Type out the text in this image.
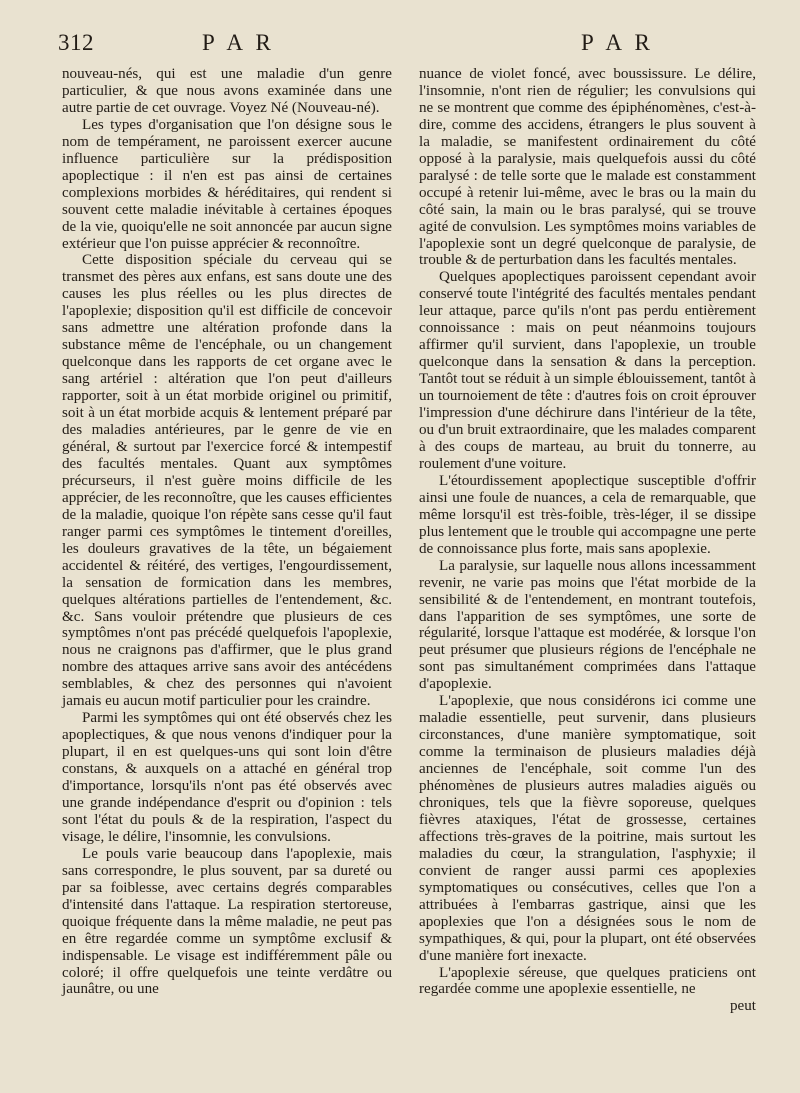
312	P A R	P A R

nouveau-nés, qui est une maladie d'un genre particulier, & que nous avons examinée dans une autre partie de cet ouvrage. Voyez Né (Nouveau-né).

Les types d'organisation que l'on désigne sous le nom de tempérament, ne paroissent exercer aucune influence particulière sur la prédisposition apoplectique : il n'en est pas ainsi de certaines complexions morbides & héréditaires, qui rendent si souvent cette maladie inévitable à certaines époques de la vie, quoiqu'elle ne soit annoncée par aucun signe extérieur que l'on puisse apprécier & reconnoître.

Cette disposition spéciale du cerveau qui se transmet des pères aux enfans, est sans doute une des causes les plus réelles ou les plus directes de l'apoplexie; disposition qu'il est difficile de concevoir sans admettre une altération profonde dans la substance même de l'encéphale, ou un changement quelconque dans les rapports de cet organe avec le sang artériel : altération que l'on peut d'ailleurs rapporter, soit à un état morbide originel ou primitif, soit à un état morbide acquis & lentement préparé par des maladies antérieures, par le genre de vie en général, & surtout par l'exercice forcé & intempestif des facultés mentales. Quant aux symptômes précurseurs, il n'est guère moins difficile de les apprécier, de les reconnoître, que les causes efficientes de la maladie, quoique l'on répète sans cesse qu'il faut ranger parmi ces symptômes le tintement d'oreilles, les douleurs gravatives de la tête, un bégaiement accidentel & réitéré, des vertiges, l'engourdissement, la sensation de formication dans les membres, quelques altérations partielles de l'entendement, &c. &c. Sans vouloir prétendre que plusieurs de ces symptômes n'ont pas précédé quelquefois l'apoplexie, nous ne craignons pas d'affirmer, que le plus grand nombre des attaques arrive sans avoir des antécédens semblables, & chez des personnes qui n'avoient jamais eu aucun motif particulier pour les craindre.

Parmi les symptômes qui ont été observés chez les apoplectiques, & que nous venons d'indiquer pour la plupart, il en est quelques-uns qui sont loin d'être constans, & auxquels on a attaché en général trop d'importance, lorsqu'ils n'ont pas été observés avec une grande indépendance d'esprit ou d'opinion : tels sont l'état du pouls & de la respiration, l'aspect du visage, le délire, l'insomnie, les convulsions.

Le pouls varie beaucoup dans l'apoplexie, mais sans correspondre, le plus souvent, par sa dureté ou par sa foiblesse, avec certains degrés comparables d'intensité dans l'attaque. La respiration stertoreuse, quoique fréquente dans la même maladie, ne peut pas en être regardée comme un symptôme exclusif & indispensable. Le visage est indifféremment pâle ou coloré; il offre quelquefois une teinte verdâtre ou jaunâtre, ou une

nuance de violet foncé, avec boussissure. Le délire, l'insomnie, n'ont rien de régulier; les convulsions qui ne se montrent que comme des épiphénomènes, c'est-à-dire, comme des accidens, étrangers le plus souvent à la maladie, se manifestent ordinairement du côté opposé à la paralysie, mais quelquefois aussi du côté paralysé : de telle sorte que le malade est constamment occupé à retenir lui-même, avec le bras ou la main du côté sain, la main ou le bras paralysé, qui se trouve agité de convulsion. Les symptômes moins variables de l'apoplexie sont un degré quelconque de paralysie, de trouble & de perturbation dans les facultés mentales.

Quelques apoplectiques paroissent cependant avoir conservé toute l'intégrité des facultés mentales pendant leur attaque, parce qu'ils n'ont pas perdu entièrement connoissance : mais on peut néanmoins toujours affirmer qu'il survient, dans l'apoplexie, un trouble quelconque dans la sensation & dans la perception. Tantôt tout se réduit à un simple éblouissement, tantôt à un tournoiement de tête : d'autres fois on croit éprouver l'impression d'une déchirure dans l'intérieur de la tête, ou d'un bruit extraordinaire, que les malades comparent à des coups de marteau, au bruit du tonnerre, au roulement d'une voiture.

L'étourdissement apoplectique susceptible d'offrir ainsi une foule de nuances, a cela de remarquable, que même lorsqu'il est très-foible, très-léger, il se dissipe plus lentement que le trouble qui accompagne une perte de connoissance plus forte, mais sans apoplexie.

La paralysie, sur laquelle nous allons incessamment revenir, ne varie pas moins que l'état morbide de la sensibilité & de l'entendement, en montrant toutefois, dans l'apparition de ses symptômes, une sorte de régularité, lorsque l'attaque est modérée, & lorsque l'on peut présumer que plusieurs régions de l'encéphale ne sont pas simultanément comprimées dans l'attaque d'apoplexie.

L'apoplexie, que nous considérons ici comme une maladie essentielle, peut survenir, dans plusieurs circonstances, d'une manière symptomatique, soit comme la terminaison de plusieurs maladies déjà anciennes de l'encéphale, soit comme l'un des phénomènes de plusieurs autres maladies aiguës ou chroniques, tels que la fièvre soporeuse, quelques fièvres ataxiques, l'état de grossesse, certaines affections très-graves de la poitrine, mais surtout les maladies du cœur, la strangulation, l'asphyxie; il convient de ranger aussi parmi ces apoplexies symptomatiques ou consécutives, celles que l'on a attribuées à l'embarras gastrique, ainsi que les apoplexies que l'on a désignées sous le nom de sympathiques, & qui, pour la plupart, ont été observées d'une manière fort inexacte.

L'apoplexie séreuse, que quelques praticiens ont regardée comme une apoplexie essentielle, ne

peut
